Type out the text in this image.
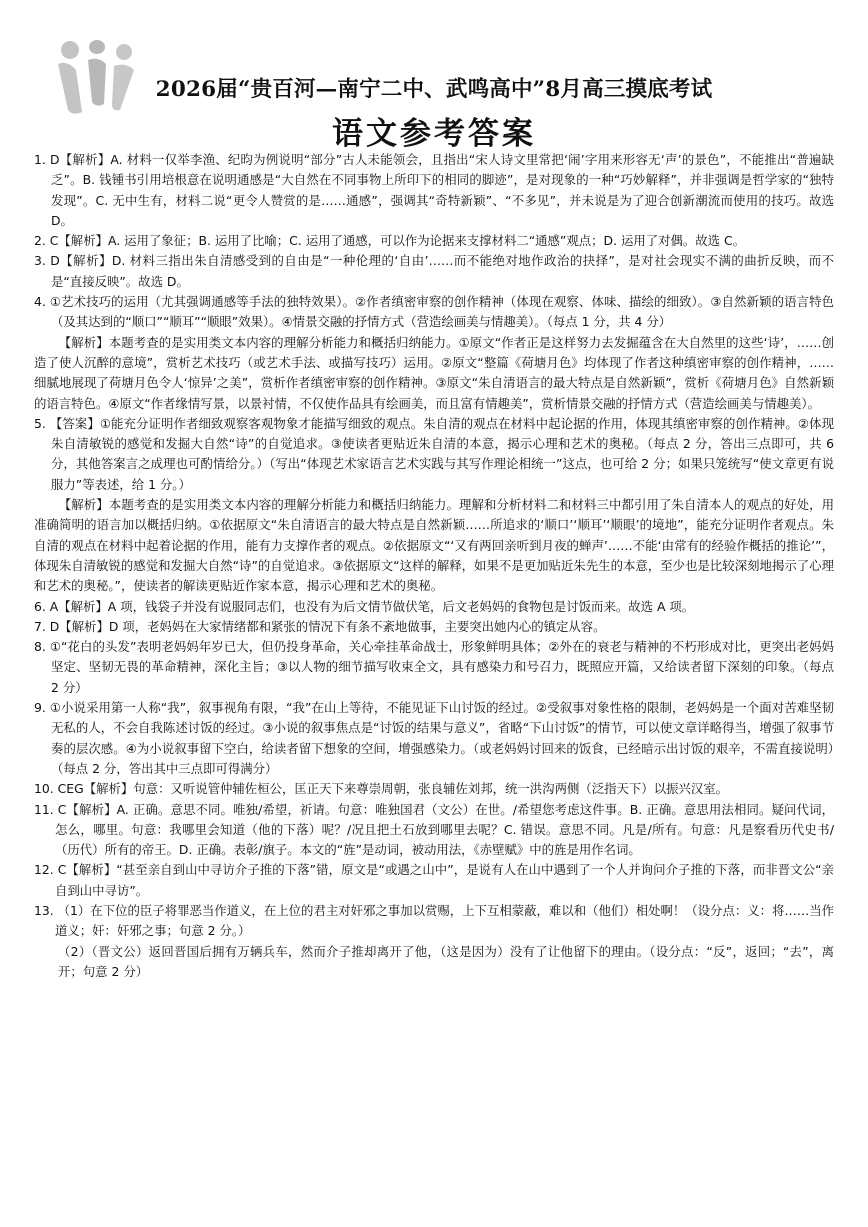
2026届“贵百河—南宁二中、武鸣高中”8月高三摸底考试
语文参考答案

1. D【解析】A. 材料一仅举李渔、纪昀为例说明“部分”古人未能领会，且指出“宋人诗文里常把‘闹’字用来形容无‘声’的景色”，不能推出“普遍缺乏”。B. 钱锺书引用培根意在说明通感是“大自然在不同事物上所印下的相同的脚迹”，是对现象的一种“巧妙解释”，并非强调是哲学家的“独特发现”。C. 无中生有，材料二说“更令人赞赏的是……通感”，强调其“奇特新颖”、“不多见”，并未说是为了迎合创新潮流而使用的技巧。故选 D。

2. C【解析】A. 运用了象征；B. 运用了比喻；C. 运用了通感，可以作为论据来支撑材料二“通感”观点；D. 运用了对偶。故选 C。

3. D【解析】D. 材料三指出朱自清感受到的自由是“一种伦理的‘自由’……而不能绝对地作政治的抉择”，是对社会现实不满的曲折反映，而不是“直接反映”。故选 D。

4. ①艺术技巧的运用（尤其强调通感等手法的独特效果）。②作者缜密审察的创作精神（体现在观察、体味、描绘的细致）。③自然新颖的语言特色（及其达到的“顺口”“顺耳”“顺眼”效果）。④情景交融的抒情方式（营造绘画美与情趣美）。（每点 1 分，共 4 分）

【解析】本题考查的是实用类文本内容的理解分析能力和概括归纳能力。①原文“作者正是这样努力去发掘蕴含在大自然里的这些‘诗’，……创造了使人沉醉的意境”，赏析艺术技巧（或艺术手法、或描写技巧）运用。②原文“整篇《荷塘月色》均体现了作者这种缜密审察的创作精神，……细腻地展现了荷塘月色令人‘惊异’之美”，赏析作者缜密审察的创作精神。③原文“朱自清语言的最大特点是自然新颖”，赏析《荷塘月色》自然新颖的语言特色。④原文“作者缘情写景，以景衬情，不仅使作品具有绘画美，而且富有情趣美”，赏析情景交融的抒情方式（营造绘画美与情趣美）。

5. 【答案】①能充分证明作者细致观察客观物象才能描写细致的观点。朱自清的观点在材料中起论据的作用，体现其缜密审察的创作精神。②体现朱自清敏锐的感觉和发掘大自然“诗”的自觉追求。③使读者更贴近朱自清的本意，揭示心理和艺术的奥秘。（每点 2 分，答出三点即可，共 6 分，其他答案言之成理也可酌情给分。）（写出“体现艺术家语言艺术实践与其写作理论相统一”这点，也可给 2 分；如果只笼统写“使文章更有说服力”等表述，给 1 分。）

【解析】本题考查的是实用类文本内容的理解分析能力和概括归纳能力。理解和分析材料二和材料三中都引用了朱自清本人的观点的好处，用准确简明的语言加以概括归纳。①依据原文“朱自清语言的最大特点是自然新颖……所追求的‘顺口’‘顺耳’‘顺眼’的境地”，能充分证明作者观点。朱自清的观点在材料中起着论据的作用，能有力支撑作者的观点。②依据原文“‘又有两回亲听到月夜的蝉声’……不能‘由常有的经验作概括的推论’”，体现朱自清敏锐的感觉和发掘大自然“诗”的自觉追求。③依据原文“这样的解释，如果不是更加贴近朱先生的本意，至少也是比较深刻地揭示了心理和艺术的奥秘。”，使读者的解读更贴近作家本意，揭示心理和艺术的奥秘。

6. A【解析】A 项，钱袋子并没有说服同志们，也没有为后文情节做伏笔，后文老妈妈的食物包是讨饭而来。故选 A 项。

7. D【解析】D 项，老妈妈在大家情绪都和紧张的情况下有条不紊地做事，主要突出她内心的镇定从容。

8. ①“花白的头发”表明老妈妈年岁已大，但仍投身革命，关心牵挂革命战士，形象鲜明具体；②外在的衰老与精神的不朽形成对比，更突出老妈妈坚定、坚韧无畏的革命精神，深化主旨；③以人物的细节描写收束全文，具有感染力和号召力，既照应开篇，又给读者留下深刻的印象。（每点 2 分）

9. ①小说采用第一人称“我”，叙事视角有限，“我”在山上等待，不能见证下山讨饭的经过。②受叙事对象性格的限制，老妈妈是一个面对苦难坚韧无私的人，不会自我陈述讨饭的经过。③小说的叙事焦点是“讨饭的结果与意义”，省略“下山讨饭”的情节，可以使文章详略得当，增强了叙事节奏的层次感。④为小说叙事留下空白，给读者留下想象的空间，增强感染力。（或老妈妈讨回来的饭食，已经暗示出讨饭的艰辛，不需直接说明）（每点 2 分，答出其中三点即可得满分）

10. CEG【解析】句意：又听说管仲辅佐桓公，匡正天下来尊崇周朝，张良辅佐刘邦，统一洪沟两侧（泛指天下）以振兴汉室。

11. C【解析】A. 正确。意思不同。唯独/希望，祈请。句意：唯独国君（文公）在世。/希望您考虑这件事。B. 正确。意思用法相同。疑问代词，怎么，哪里。句意：我哪里会知道（他的下落）呢？/况且把土石放到哪里去呢？C. 错误。意思不同。凡是/所有。句意：凡是察看历代史书/（历代）所有的帝王。D. 正确。表彰/旗子。本文的“旌”是动词，被动用法，《赤壁赋》中的旌是用作名词。

12. C【解析】“甚至亲自到山中寻访介子推的下落”错，原文是“或遇之山中”，是说有人在山中遇到了一个人并询问介子推的下落，而非晋文公“亲自到山中寻访”。

13. （1）在下位的臣子将罪恶当作道义，在上位的君主对奸邪之事加以赏赐，上下互相蒙蔽，难以和（他们）相处啊！（设分点：义：将……当作道义；奸：奸邪之事；句意 2 分。）

（2）（晋文公）返回晋国后拥有万辆兵车，然而介子推却离开了他，（这是因为）没有了让他留下的理由。（设分点：“反”，返回；“去”，离开；句意 2 分）
